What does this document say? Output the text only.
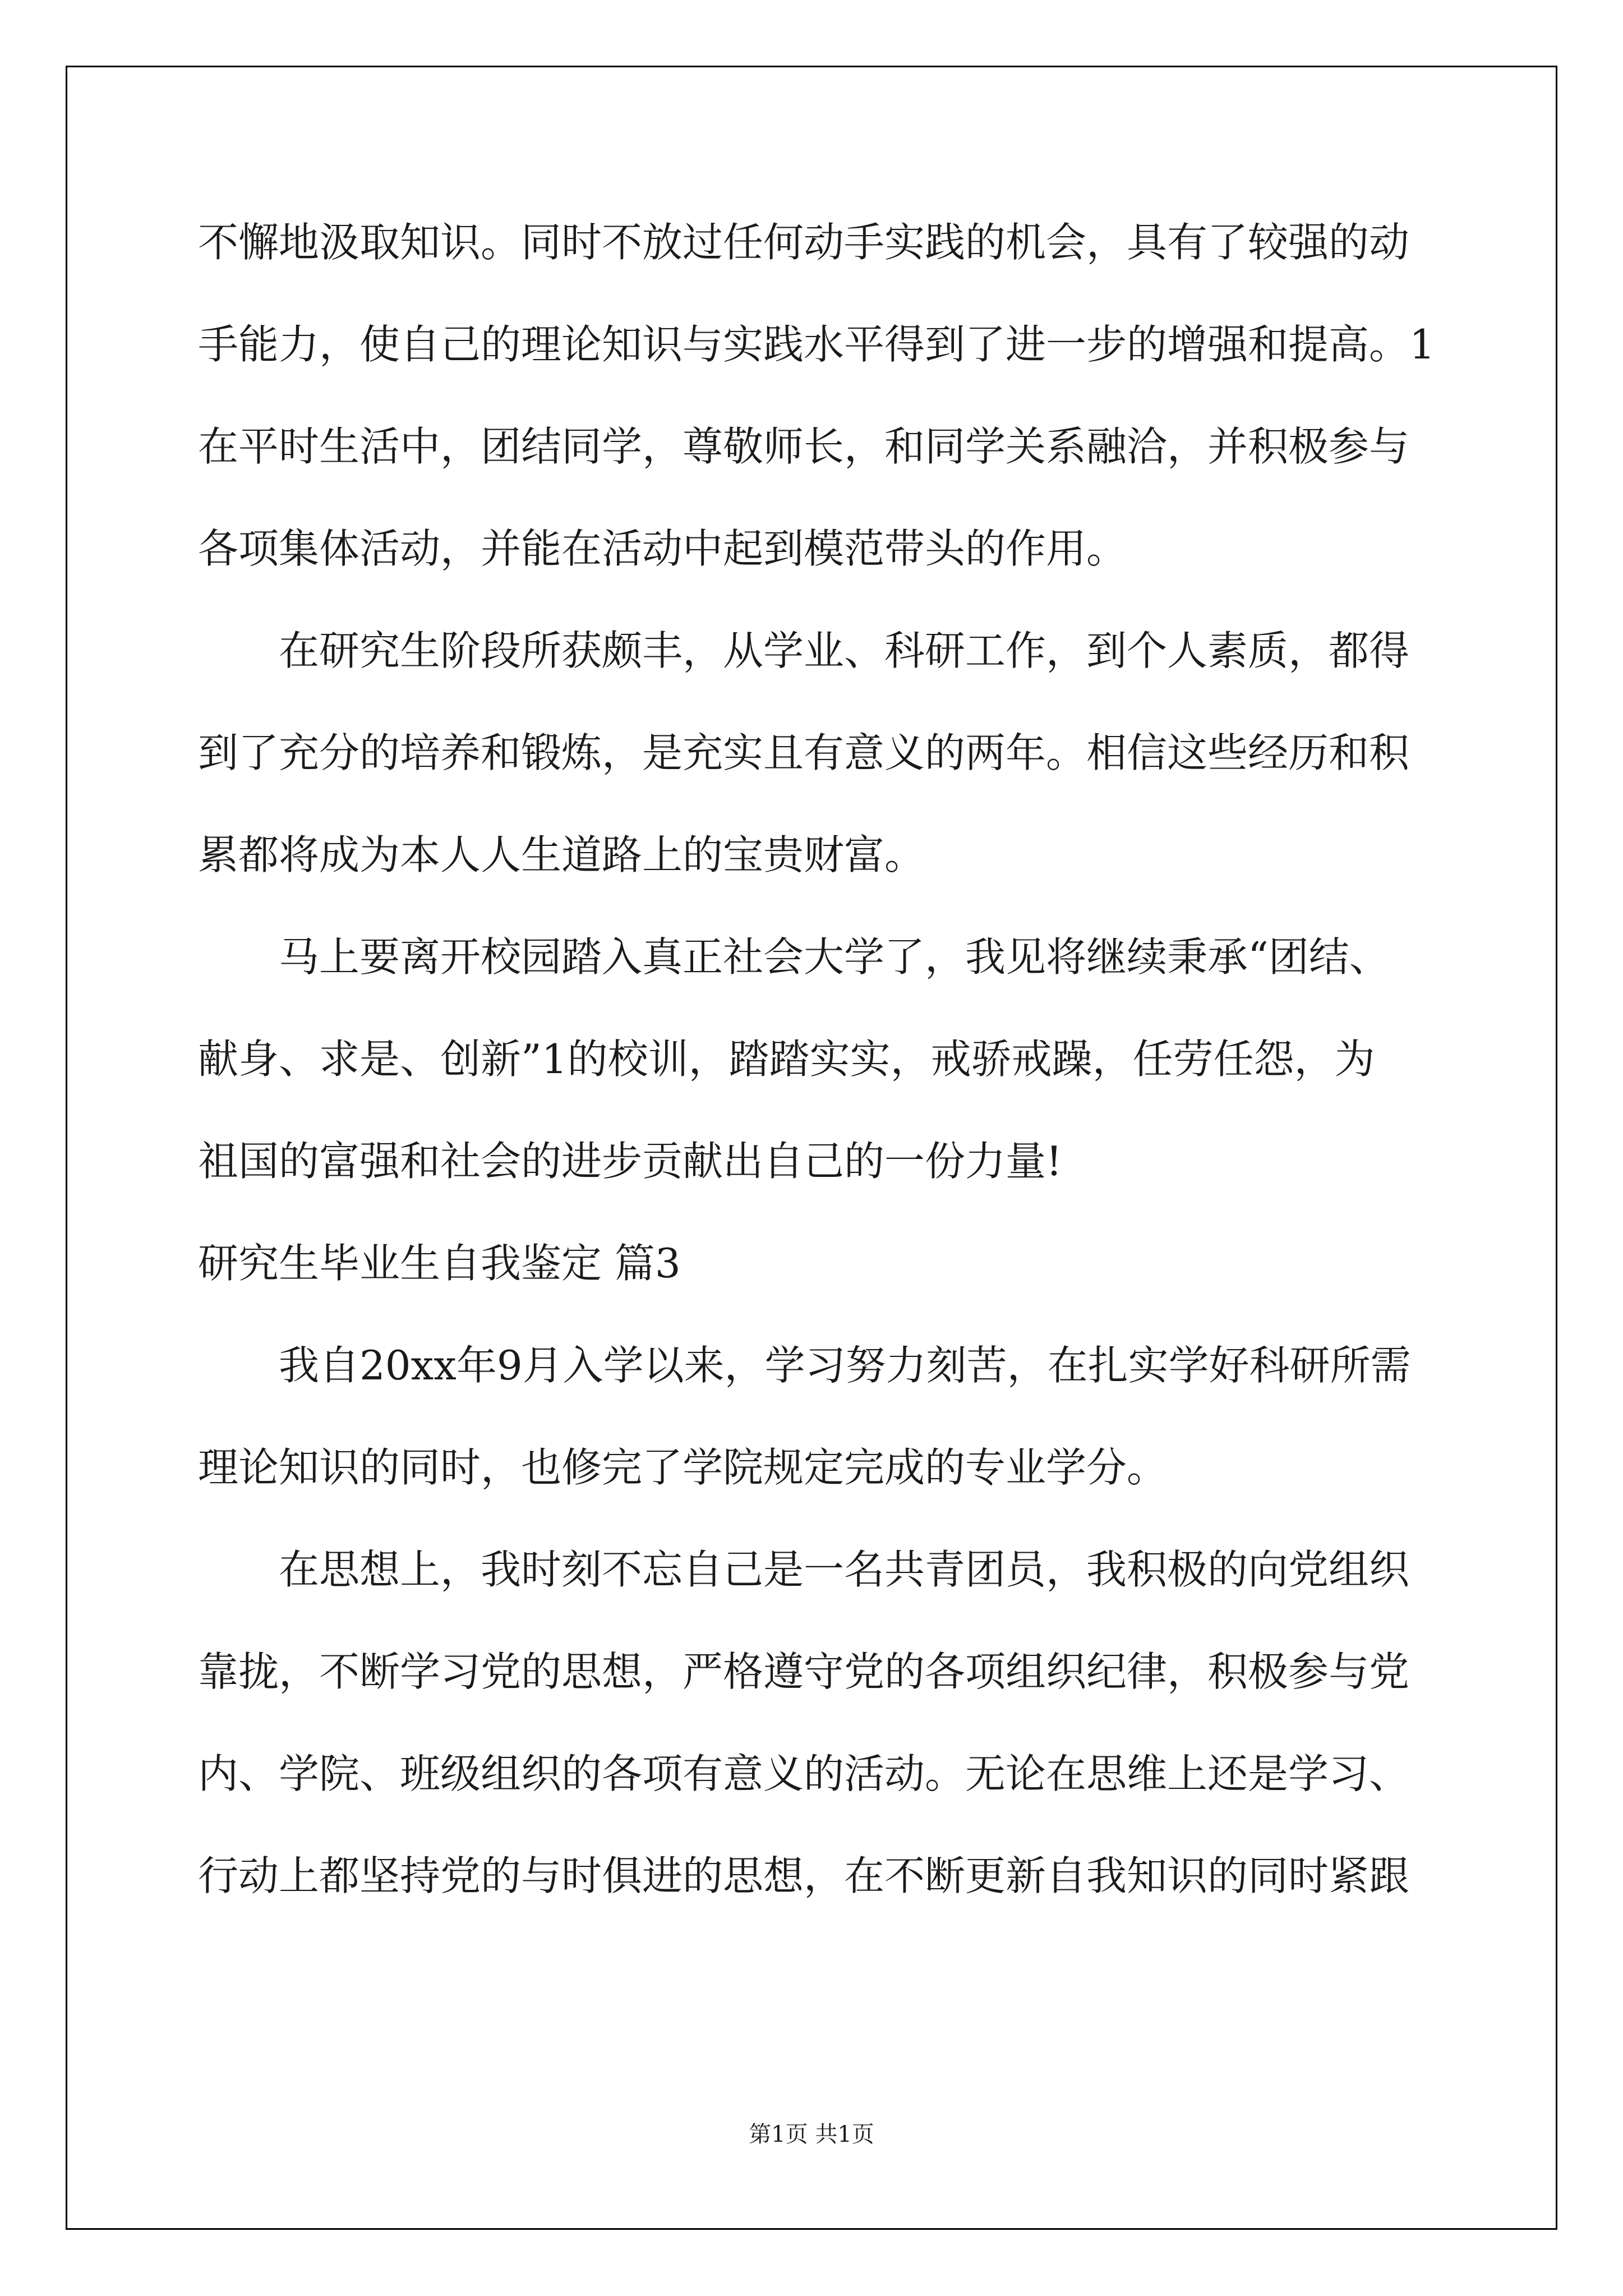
不懈地汲取知识。同时不放过任何动手实践的机会，具有了较强的动
手能力，使自己的理论知识与实践水平得到了进一步的增强和提高。1
在平时生活中，团结同学，尊敬师长，和同学关系融洽，并积极参与
各项集体活动，并能在活动中起到模范带头的作用。
在研究生阶段所获颇丰，从学业、科研工作，到个人素质，都得
到了充分的培养和锻炼，是充实且有意义的两年。相信这些经历和积
累都将成为本人人生道路上的宝贵财富。
马上要离开校园踏入真正社会大学了，我见将继续秉承“团结、
献身、求是、创新”1的校训，踏踏实实，戒骄戒躁，任劳任怨，为
祖国的富强和社会的进步贡献出自己的一份力量!
研究生毕业生自我鉴定 篇3
我自20xx年9月入学以来，学习努力刻苦，在扎实学好科研所需
理论知识的同时，也修完了学院规定完成的专业学分。
在思想上，我时刻不忘自己是一名共青团员，我积极的向党组织
靠拢，不断学习党的思想，严格遵守党的各项组织纪律，积极参与党
内、学院、班级组织的各项有意义的活动。无论在思维上还是学习、
行动上都坚持党的与时俱进的思想，在不断更新自我知识的同时紧跟
第1页 共1页
